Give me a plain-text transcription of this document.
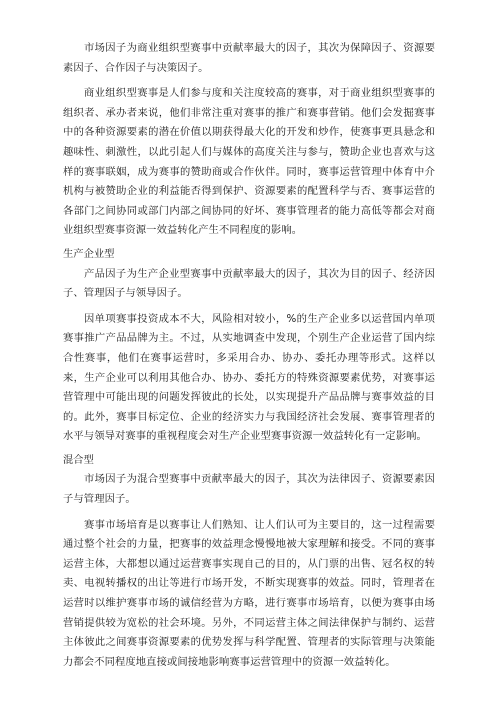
市场因子为商业组织型赛事中贡献率最大的因子，其次为保障因子、资源要素因子、合作因子与决策因子。

商业组织型赛事是人们参与度和关注度较高的赛事，对于商业组织型赛事的组织者、承办者来说，他们非常注重对赛事的推广和赛事营销。他们会发掘赛事中的各种资源要素的潜在价值以期获得最大化的开发和炒作，使赛事更具悬念和趣味性、刺激性，以此引起人们与媒体的高度关注与参与，赞助企业也喜欢与这样的赛事联姻，成为赛事的赞助商或合作伙伴。同时，赛事运营管理中体育中介机构与被赞助企业的利益能否得到保护、资源要素的配置科学与否、赛事运营的各部门之间协同或部门内部之间协同的好坏、赛事管理者的能力高低等都会对商业组织型赛事资源一效益转化产生不同程度的影响。

生产企业型

产品因子为生产企业型赛事中贡献率最大的因子，其次为目的因子、经济因子、管理因子与领导因子。

因单项赛事投资成本不大，风险相对较小，%的生产企业多以运营国内单项赛事推广产品品牌为主。不过，从实地调查中发现，个别生产企业运营了国内综合性赛事，他们在赛事运营时，多采用合办、协办、委托办理等形式。这样以来，生产企业可以利用其他合办、协办、委托方的特殊资源要素优势，对赛事运营管理中可能出现的问题发挥彼此的长处，以实现提升产品品牌与赛事效益的目的。此外，赛事目标定位、企业的经济实力与我国经济社会发展、赛事管理者的水平与领导对赛事的重视程度会对生产企业型赛事资源一效益转化有一定影响。

混合型

市场因子为混合型赛事中贡献率最大的因子，其次为法律因子、资源要素因子与管理因子。

赛事市场培育是以赛事让人们熟知、让人们认可为主要目的，这一过程需要通过整个社会的力量，把赛事的效益理念慢慢地被大家理解和接受。不同的赛事运营主体，大都想以通过运营赛事实现自己的目的，从门票的出售、冠名权的转卖、电视转播权的出让等进行市场开发，不断实现赛事的效益。同时，管理者在运营时以维护赛事市场的诚信经营为方略，进行赛事市场培育，以便为赛事由场营销提供较为宽松的社会环境。另外，不同运营主体之间法律保护与制约、运营主体彼此之间赛事资源要素的优势发挥与科学配置、管理者的实际管理与决策能力都会不同程度地直接或间接地影响赛事运营管理中的资源一效益转化。
